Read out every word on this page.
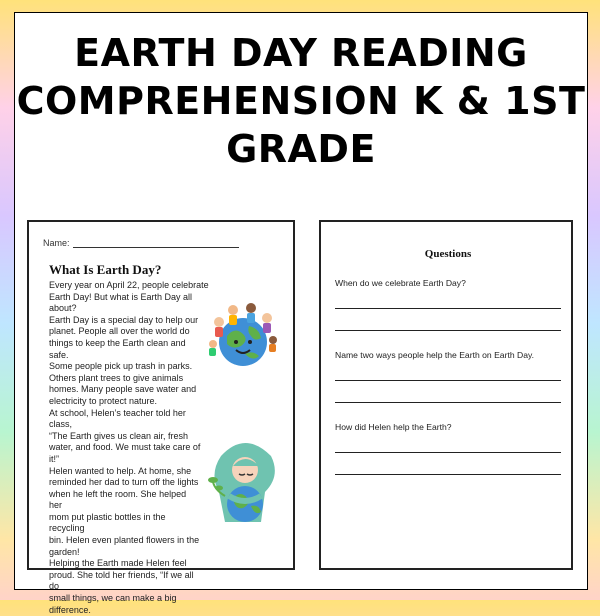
EARTH DAY READING
COMPREHENSION K & 1ST
GRADE
Name:
What Is Earth Day?

Every year on April 22, people celebrate

Earth Day! But what is Earth Day all

about?

Earth Day is a special day to help our

planet. People all over the world do

things to keep the Earth clean and safe.

Some people pick up trash in parks.

Others plant trees to give animals

homes. Many people save water and

electricity to protect nature.

At school, Helen’s teacher told her class,

“The Earth gives us clean air, fresh

water, and food. We must take care of

it!”

Helen wanted to help. At home, she

reminded her dad to turn off the lights

when he left the room. She helped her

mom put plastic bottles in the recycling

bin. Helen even planted flowers in the

garden!

Helping the Earth made Helen feel

proud. She told her friends, “If we all do

small things, we can make a big

difference.

Questions
When do we celebrate Earth Day?
Name two ways people help the Earth on Earth Day.
How did Helen help the Earth?
